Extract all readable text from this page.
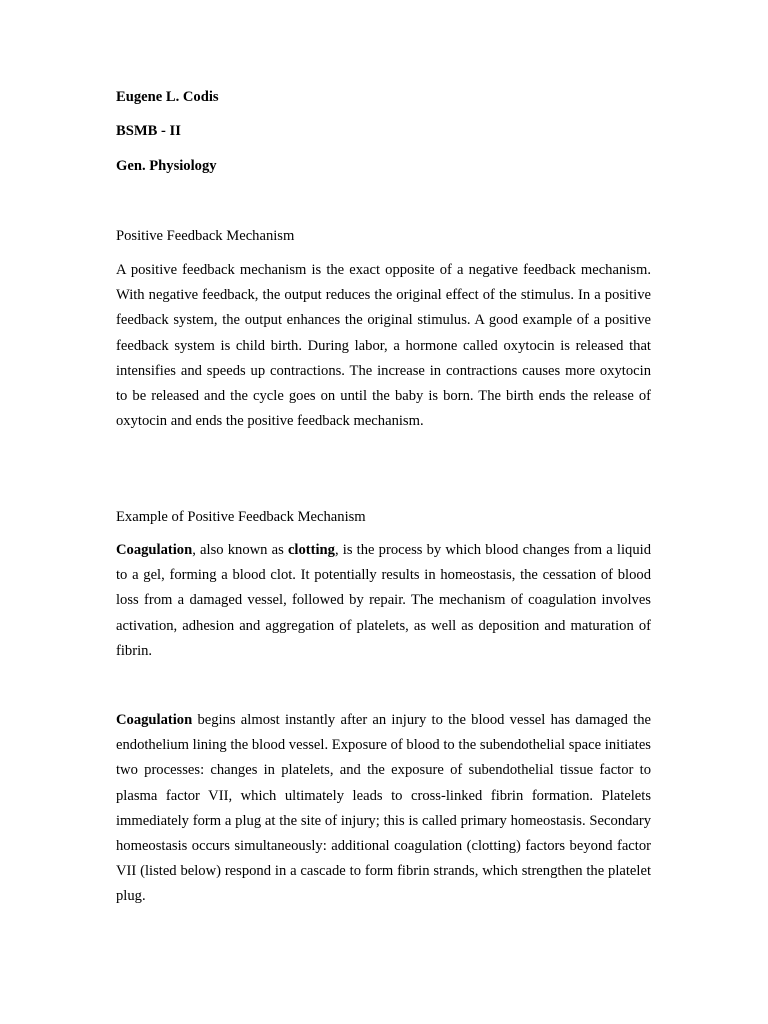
Eugene L. Codis
BSMB - II
Gen. Physiology
Positive Feedback Mechanism

A positive feedback mechanism is the exact opposite of a negative feedback mechanism. With negative feedback, the output reduces the original effect of the stimulus. In a positive feedback system, the output enhances the original stimulus. A good example of a positive feedback system is child birth. During labor, a hormone called oxytocin is released that intensifies and speeds up contractions. The increase in contractions causes more oxytocin to be released and the cycle goes on until the baby is born. The birth ends the release of oxytocin and ends the positive feedback mechanism.

Example of Positive Feedback Mechanism

Coagulation, also known as clotting, is the process by which blood changes from a liquid to a gel, forming a blood clot. It potentially results in homeostasis, the cessation of blood loss from a damaged vessel, followed by repair. The mechanism of coagulation involves activation, adhesion and aggregation of platelets, as well as deposition and maturation of fibrin.

Coagulation begins almost instantly after an injury to the blood vessel has damaged the endothelium lining the blood vessel. Exposure of blood to the subendothelial space initiates two processes: changes in platelets, and the exposure of subendothelial tissue factor to plasma factor VII, which ultimately leads to cross-linked fibrin formation. Platelets immediately form a plug at the site of injury; this is called primary homeostasis. Secondary homeostasis occurs simultaneously: additional coagulation (clotting) factors beyond factor VII (listed below) respond in a cascade to form fibrin strands, which strengthen the platelet plug.
